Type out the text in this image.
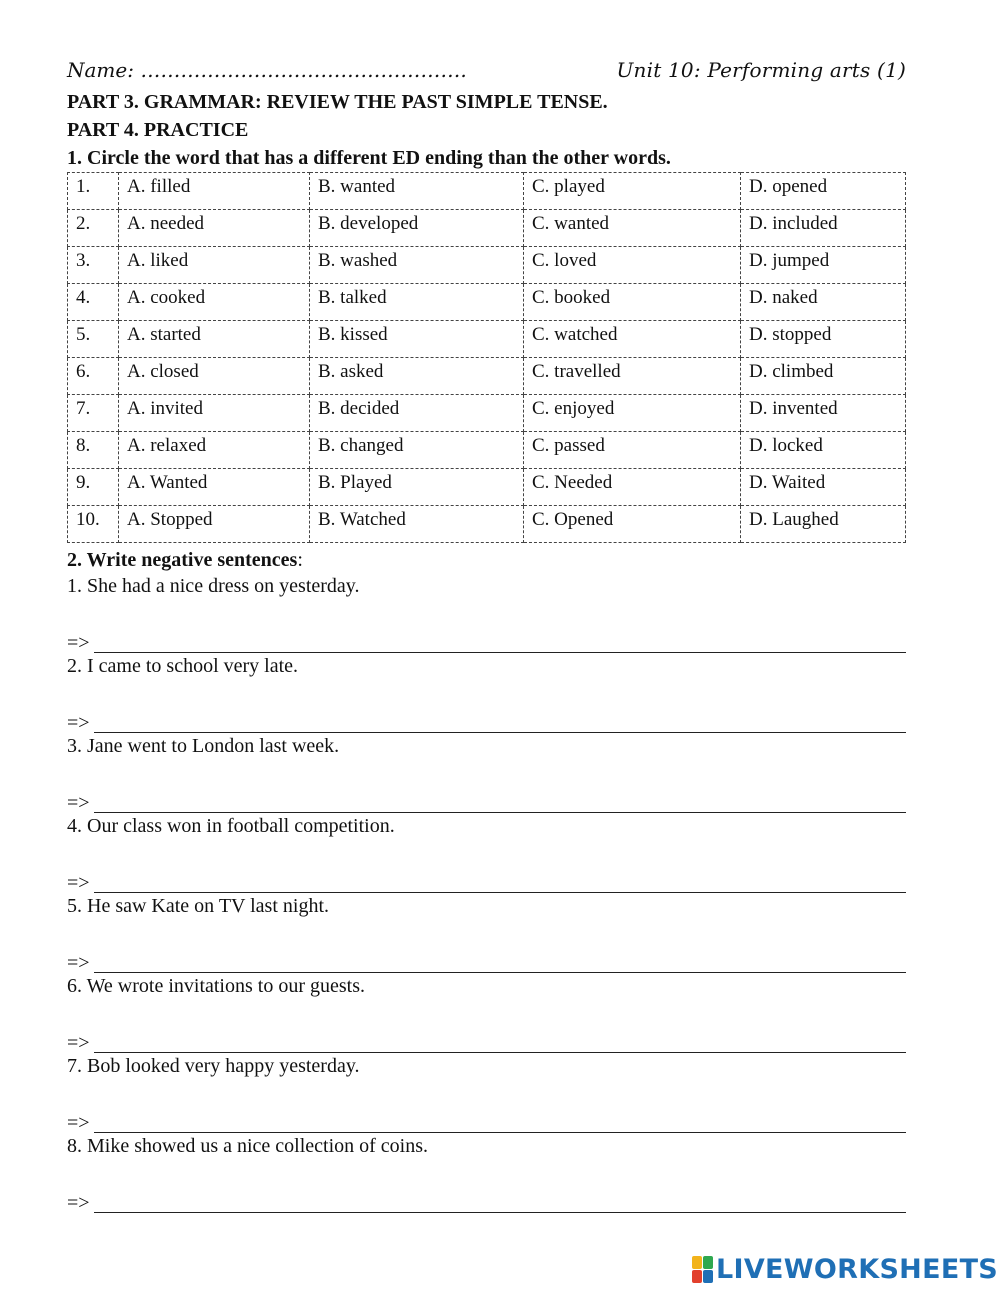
Name: ………………………………………….	Unit 10: Performing arts (1)

PART 3. GRAMMAR: REVIEW THE PAST SIMPLE TENSE.

PART 4. PRACTICE

1. Circle the word that has a different ED ending than the other words.

1.	A. filled	B. wanted	C. played	D. opened
2.	A. needed	B. developed	C. wanted	D. included
3.	A. liked	B. washed	C. loved	D. jumped
4.	A. cooked	B. talked	C. booked	D. naked
5.	A. started	B. kissed	C. watched	D. stopped
6.	A. closed	B. asked	C. travelled	D. climbed
7.	A. invited	B. decided	C. enjoyed	D. invented
8.	A. relaxed	B. changed	C. passed	D. locked
9.	A. Wanted	B. Played	C. Needed	D. Waited
10.	A. Stopped	B. Watched	C. Opened	D. Laughed

2. Write negative sentences:

1. She had a nice dress on yesterday.

=>

2. I came to school very late.

=>

3. Jane went to London last week.

=>

4. Our class won in football competition.

=>

5. He saw Kate on TV last night.

=>

6. We wrote invitations to our guests.

=>

7. Bob looked very happy yesterday.

=>

8. Mike showed us a nice collection of coins.

=>
LIVEWORKSHEETS
